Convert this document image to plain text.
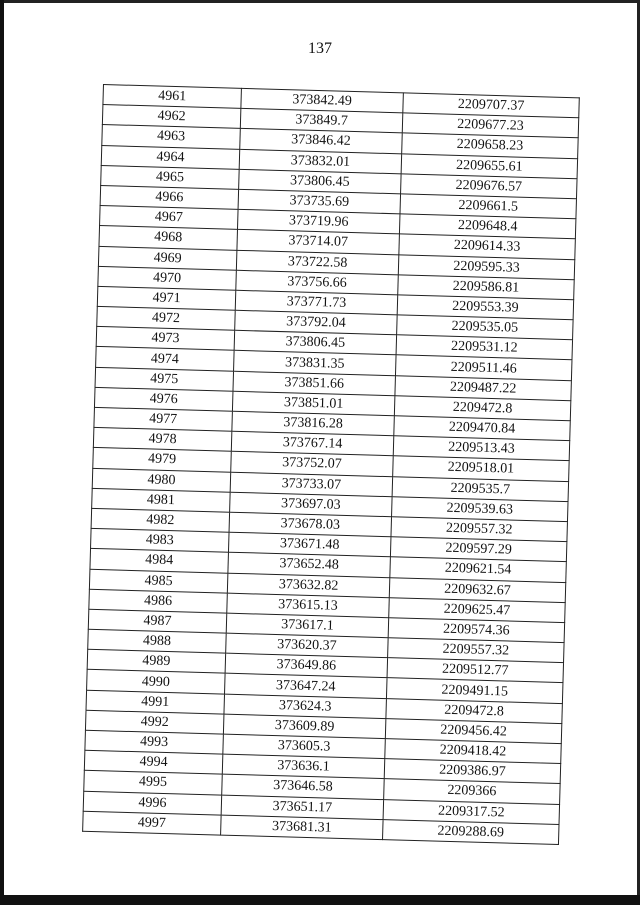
137
4961	373842.49	2209707.37
4962	373849.7	2209677.23
4963	373846.42	2209658.23
4964	373832.01	2209655.61
4965	373806.45	2209676.57
4966	373735.69	2209661.5
4967	373719.96	2209648.4
4968	373714.07	2209614.33
4969	373722.58	2209595.33
4970	373756.66	2209586.81
4971	373771.73	2209553.39
4972	373792.04	2209535.05
4973	373806.45	2209531.12
4974	373831.35	2209511.46
4975	373851.66	2209487.22
4976	373851.01	2209472.8
4977	373816.28	2209470.84
4978	373767.14	2209513.43
4979	373752.07	2209518.01
4980	373733.07	2209535.7
4981	373697.03	2209539.63
4982	373678.03	2209557.32
4983	373671.48	2209597.29
4984	373652.48	2209621.54
4985	373632.82	2209632.67
4986	373615.13	2209625.47
4987	373617.1	2209574.36
4988	373620.37	2209557.32
4989	373649.86	2209512.77
4990	373647.24	2209491.15
4991	373624.3	2209472.8
4992	373609.89	2209456.42
4993	373605.3	2209418.42
4994	373636.1	2209386.97
4995	373646.58	2209366
4996	373651.17	2209317.52
4997	373681.31	2209288.69
